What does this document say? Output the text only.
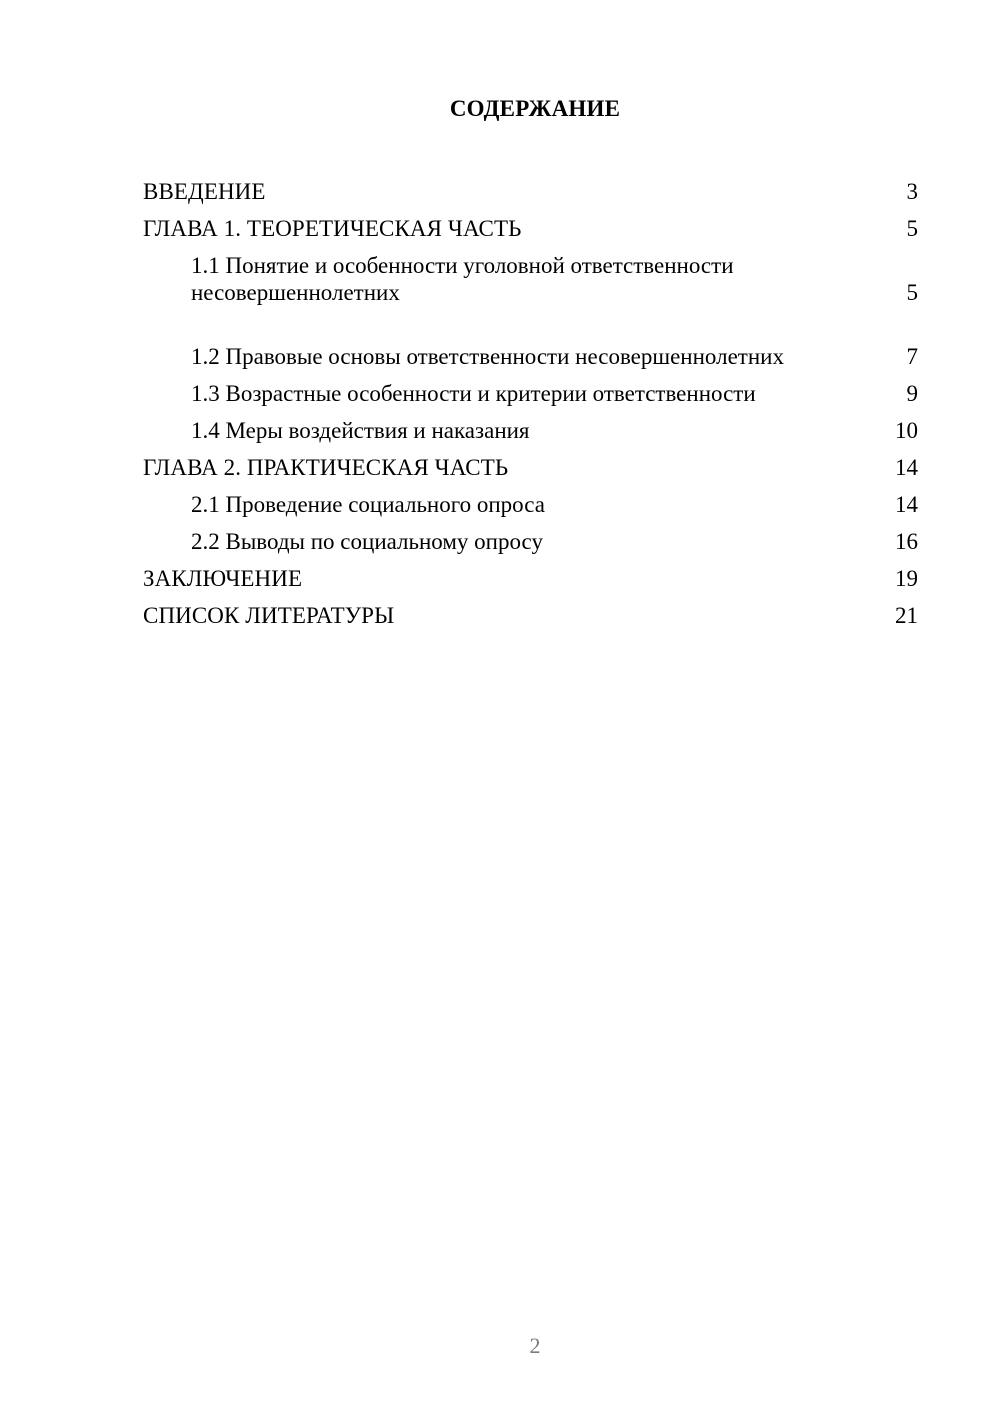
СОДЕРЖАНИЕ
ВВЕДЕНИЕ	3
ГЛАВА 1. ТЕОРЕТИЧЕСКАЯ ЧАСТЬ	5
1.1 Понятие и особенности уголовной ответственности несовершеннолетних	5
1.2 Правовые основы ответственности несовершеннолетних	7
1.3 Возрастные особенности и критерии ответственности	9
1.4 Меры воздействия и наказания	10
ГЛАВА 2. ПРАКТИЧЕСКАЯ ЧАСТЬ	14
2.1 Проведение социального опроса	14
2.2 Выводы по социальному опросу	16
ЗАКЛЮЧЕНИЕ	19
СПИСОК ЛИТЕРАТУРЫ	21
2
